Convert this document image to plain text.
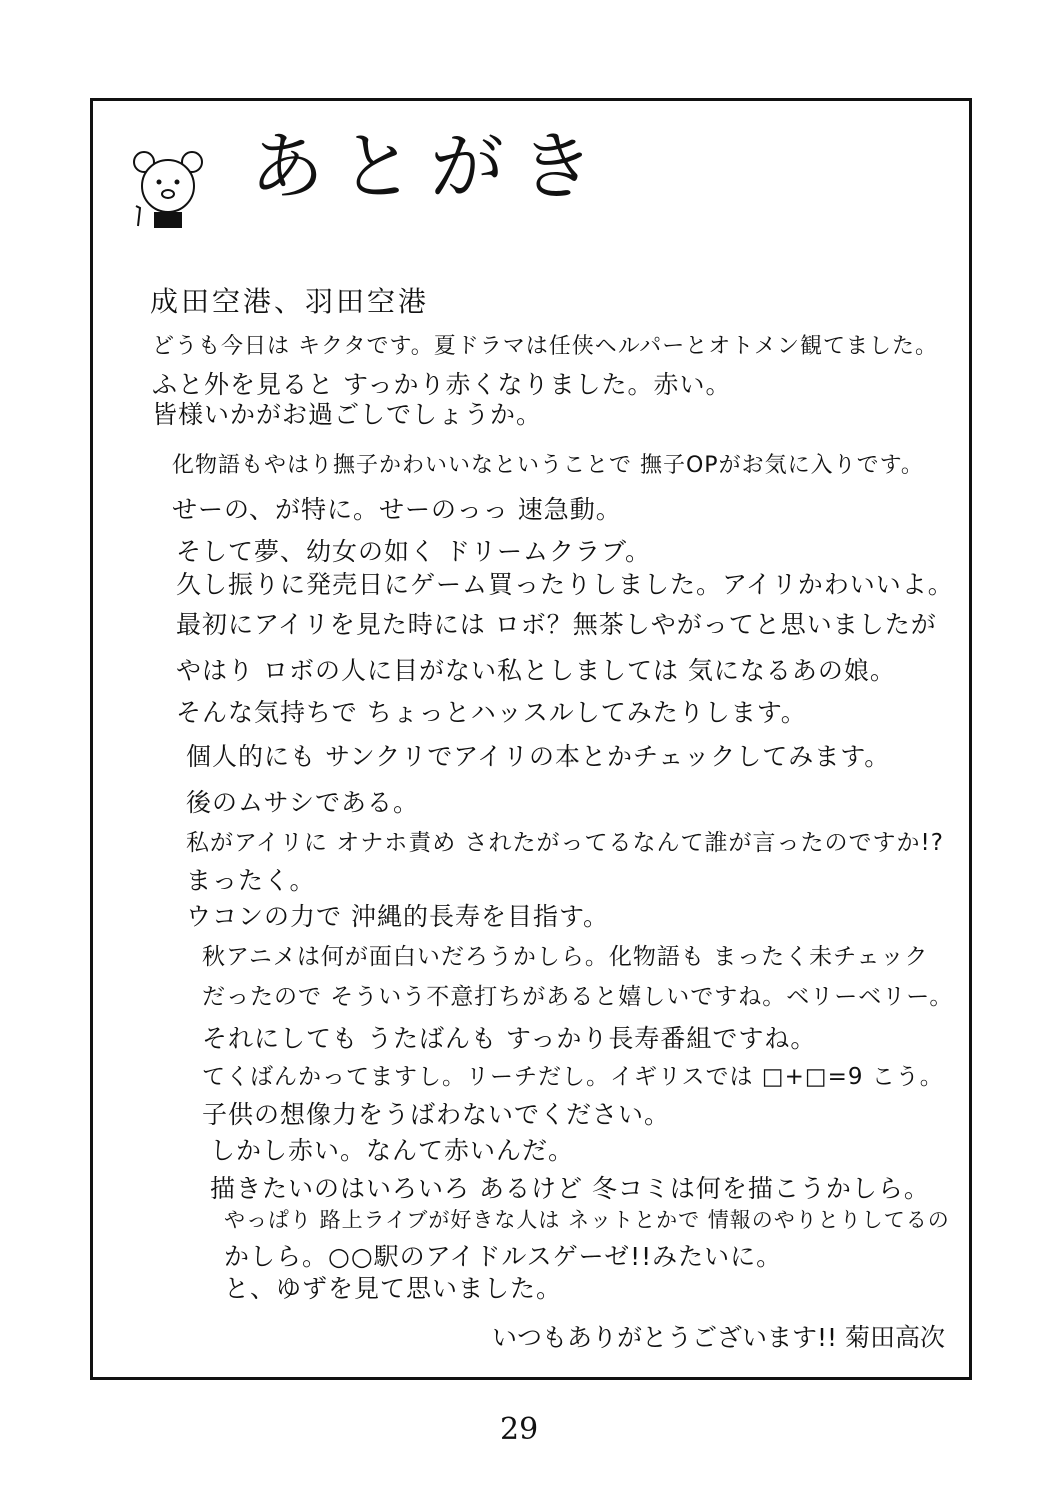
あとがき
成田空港、羽田空港
どうも今日は キクタです。夏ドラマは任侠ヘルパーとオトメン観てました。
ふと外を見ると すっかり赤くなりました。赤い。
皆様いかがお過ごしでしょうか。
化物語もやはり撫子かわいいなということで 撫子OPがお気に入りです。
せーの、が特に。せーのっっ 速急動。
そして夢、幼女の如く ドリームクラブ。
久し振りに発売日にゲーム買ったりしました。アイリかわいいよ。
最初にアイリを見た時には ロボ？無茶しやがってと思いましたが
やはり ロボの人に目がない私としましては 気になるあの娘。
そんな気持ちで ちょっとハッスルしてみたりします。
個人的にも サンクリでアイリの本とかチェックしてみます。
後のムサシである。
私がアイリに オナホ責め されたがってるなんて誰が言ったのですか!?
まったく。
ウコンの力で 沖縄的長寿を目指す。
秋アニメは何が面白いだろうかしら。化物語も まったく未チェック
だったので そういう不意打ちがあると嬉しいですね。ベリーベリー。
それにしても うたばんも すっかり長寿番組ですね。
てくばんかってますし。リーチだし。イギリスでは □+□=9 こう。
子供の想像力をうばわないでください。
しかし赤い。なんて赤いんだ。
描きたいのはいろいろ あるけど 冬コミは何を描こうかしら。
やっぱり 路上ライブが好きな人は ネットとかで 情報のやりとりしてるの
かしら。○○駅のアイドルスゲーゼ!!みたいに。
と、ゆずを見て思いました。
いつもありがとうございます!! 菊田高次
29
